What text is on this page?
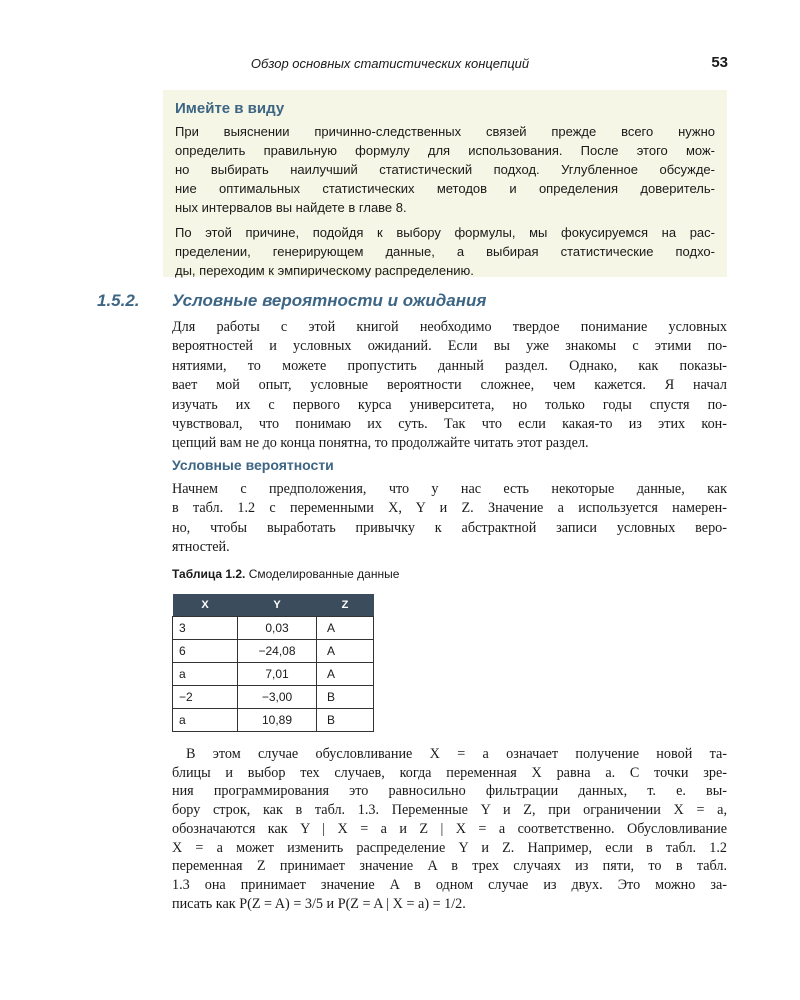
Обзор основных статистических концепций	53
Имейте в виду
При выяснении причинно-следственных связей прежде всего нужно
определить правильную формулу для использования. После этого мож-
но выбирать наилучший статистический подход. Углубленное обсужде-
ние оптимальных статистических методов и определения доверитель-
ных интервалов вы найдете в главе 8.
По этой причине, подойдя к выбору формулы, мы фокусируемся на рас-
пределении, генерирующем данные, а выбирая статистические подхо-
ды, переходим к эмпирическому распределению.
1.5.2. Условные вероятности и ожидания
Для работы с этой книгой необходимо твердое понимание условных
вероятностей и условных ожиданий. Если вы уже знакомы с этими по-
нятиями, то можете пропустить данный раздел. Однако, как показы-
вает мой опыт, условные вероятности сложнее, чем кажется. Я начал
изучать их с первого курса университета, но только годы спустя по-
чувствовал, что понимаю их суть. Так что если какая-то из этих кон-
цепций вам не до конца понятна, то продолжайте читать этот раздел.
Условные вероятности
Начнем с предположения, что у нас есть некоторые данные, как
в табл. 1.2 с переменными X, Y и Z. Значение a используется намерен-
но, чтобы выработать привычку к абстрактной записи условных веро-
ятностей.
Таблица 1.2. Смоделированные данные
X	Y	Z
3	0,03	A
6	−24,08	A
a	7,01	A
−2	−3,00	B
a	10,89	B
В этом случае обусловливание X = a означает получение новой та-
блицы и выбор тех случаев, когда переменная X равна a. С точки зре-
ния программирования это равносильно фильтрации данных, т. е. вы-
бору строк, как в табл. 1.3. Переменные Y и Z, при ограничении X = a,
обозначаются как Y | X = a и Z | X = a соответственно. Обусловливание
X = a может изменить распределение Y и Z. Например, если в табл. 1.2
переменная Z принимает значение A в трех случаях из пяти, то в табл.
1.3 она принимает значение A в одном случае из двух. Это можно за-
писать как P(Z = A) = 3/5 и P(Z = A | X = a) = 1/2.
